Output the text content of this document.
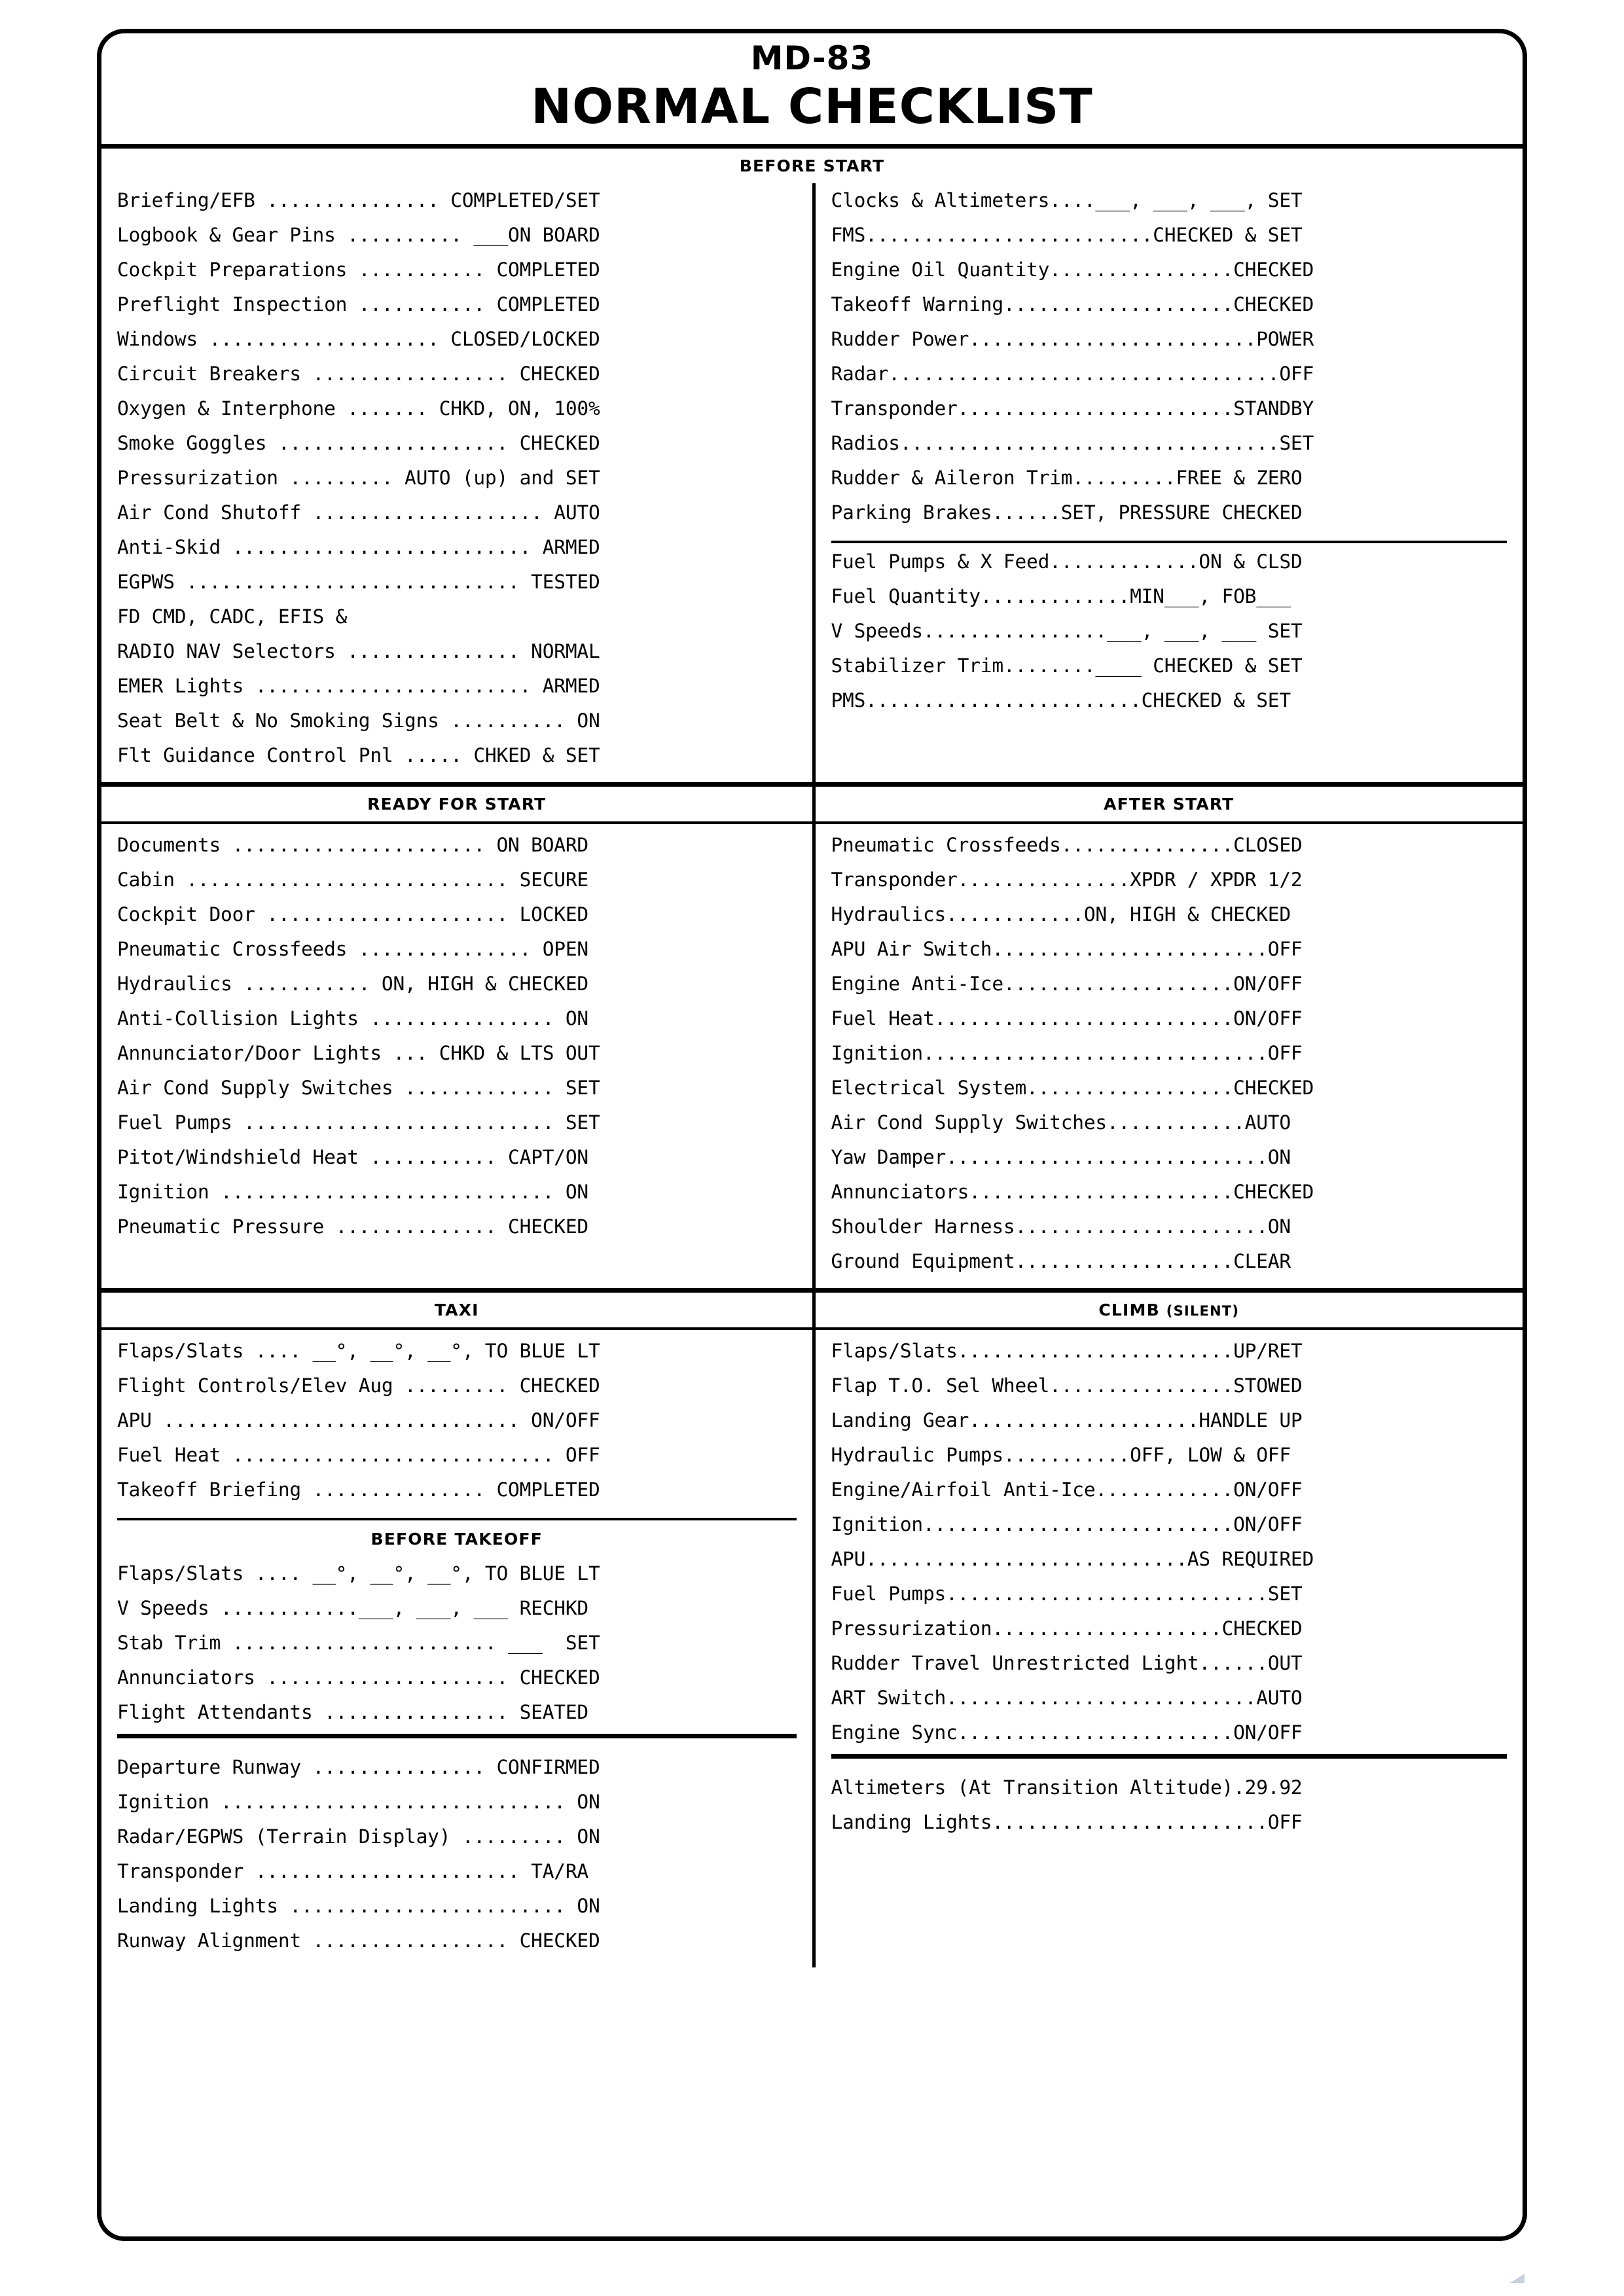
MD-83
NORMAL CHECKLIST
BEFORE START
Briefing/EFB ............... COMPLETED/SET
Logbook & Gear Pins .......... ___ON BOARD
Cockpit Preparations ........... COMPLETED
Preflight Inspection ........... COMPLETED
Windows .................... CLOSED/LOCKED
Circuit Breakers ................. CHECKED
Oxygen & Interphone ....... CHKD, ON, 100%
Smoke Goggles .................... CHECKED
Pressurization ......... AUTO (up) and SET
Air Cond Shutoff .................... AUTO
Anti-Skid .......................... ARMED
EGPWS ............................. TESTED
FD CMD, CADC, EFIS &
RADIO NAV Selectors ............... NORMAL
EMER Lights ........................ ARMED
Seat Belt & No Smoking Signs .......... ON
Flt Guidance Control Pnl ..... CHKED & SET
Clocks & Altimeters....___, ___, ___, SET
FMS.........................CHECKED & SET
Engine Oil Quantity................CHECKED
Takeoff Warning....................CHECKED
Rudder Power.........................POWER
Radar..................................OFF
Transponder........................STANDBY
Radios.................................SET
Rudder & Aileron Trim.........FREE & ZERO
Parking Brakes......SET, PRESSURE CHECKED
Fuel Pumps & X Feed.............ON & CLSD
Fuel Quantity.............MIN___, FOB___
V Speeds................___, ___, ___ SET
Stabilizer Trim........____ CHECKED & SET
PMS........................CHECKED & SET
READY FOR START	AFTER START
Documents ...................... ON BOARD
Cabin ............................ SECURE
Cockpit Door ..................... LOCKED
Pneumatic Crossfeeds ............... OPEN
Hydraulics ........... ON, HIGH & CHECKED
Anti-Collision Lights ................ ON
Annunciator/Door Lights ... CHKD & LTS OUT
Air Cond Supply Switches ............. SET
Fuel Pumps ........................... SET
Pitot/Windshield Heat ........... CAPT/ON
Ignition ............................. ON
Pneumatic Pressure .............. CHECKED
Pneumatic Crossfeeds...............CLOSED
Transponder...............XPDR / XPDR 1/2
Hydraulics............ON, HIGH & CHECKED
APU Air Switch........................OFF
Engine Anti-Ice....................ON/OFF
Fuel Heat..........................ON/OFF
Ignition..............................OFF
Electrical System..................CHECKED
Air Cond Supply Switches............AUTO
Yaw Damper............................ON
Annunciators.......................CHECKED
Shoulder Harness......................ON
Ground Equipment...................CLEAR
TAXI	CLIMB (SILENT)
Flaps/Slats .... __°, __°, __°, TO BLUE LT
Flight Controls/Elev Aug ......... CHECKED
APU ............................... ON/OFF
Fuel Heat ............................ OFF
Takeoff Briefing ............... COMPLETED
BEFORE TAKEOFF
Flaps/Slats .... __°, __°, __°, TO BLUE LT
V Speeds ............___, ___, ___ RECHKD
Stab Trim ....................... ___  SET
Annunciators ..................... CHECKED
Flight Attendants ................ SEATED
Departure Runway ............... CONFIRMED
Ignition .............................. ON
Radar/EGPWS (Terrain Display) ......... ON
Transponder ....................... TA/RA
Landing Lights ........................ ON
Runway Alignment ................. CHECKED
Flaps/Slats........................UP/RET
Flap T.O. Sel Wheel................STOWED
Landing Gear....................HANDLE UP
Hydraulic Pumps...........OFF, LOW & OFF
Engine/Airfoil Anti-Ice............ON/OFF
Ignition...........................ON/OFF
APU............................AS REQUIRED
Fuel Pumps............................SET
Pressurization....................CHECKED
Rudder Travel Unrestricted Light......OUT
ART Switch...........................AUTO
Engine Sync........................ON/OFF
Altimeters (At Transition Altitude).29.92
Landing Lights........................OFF
